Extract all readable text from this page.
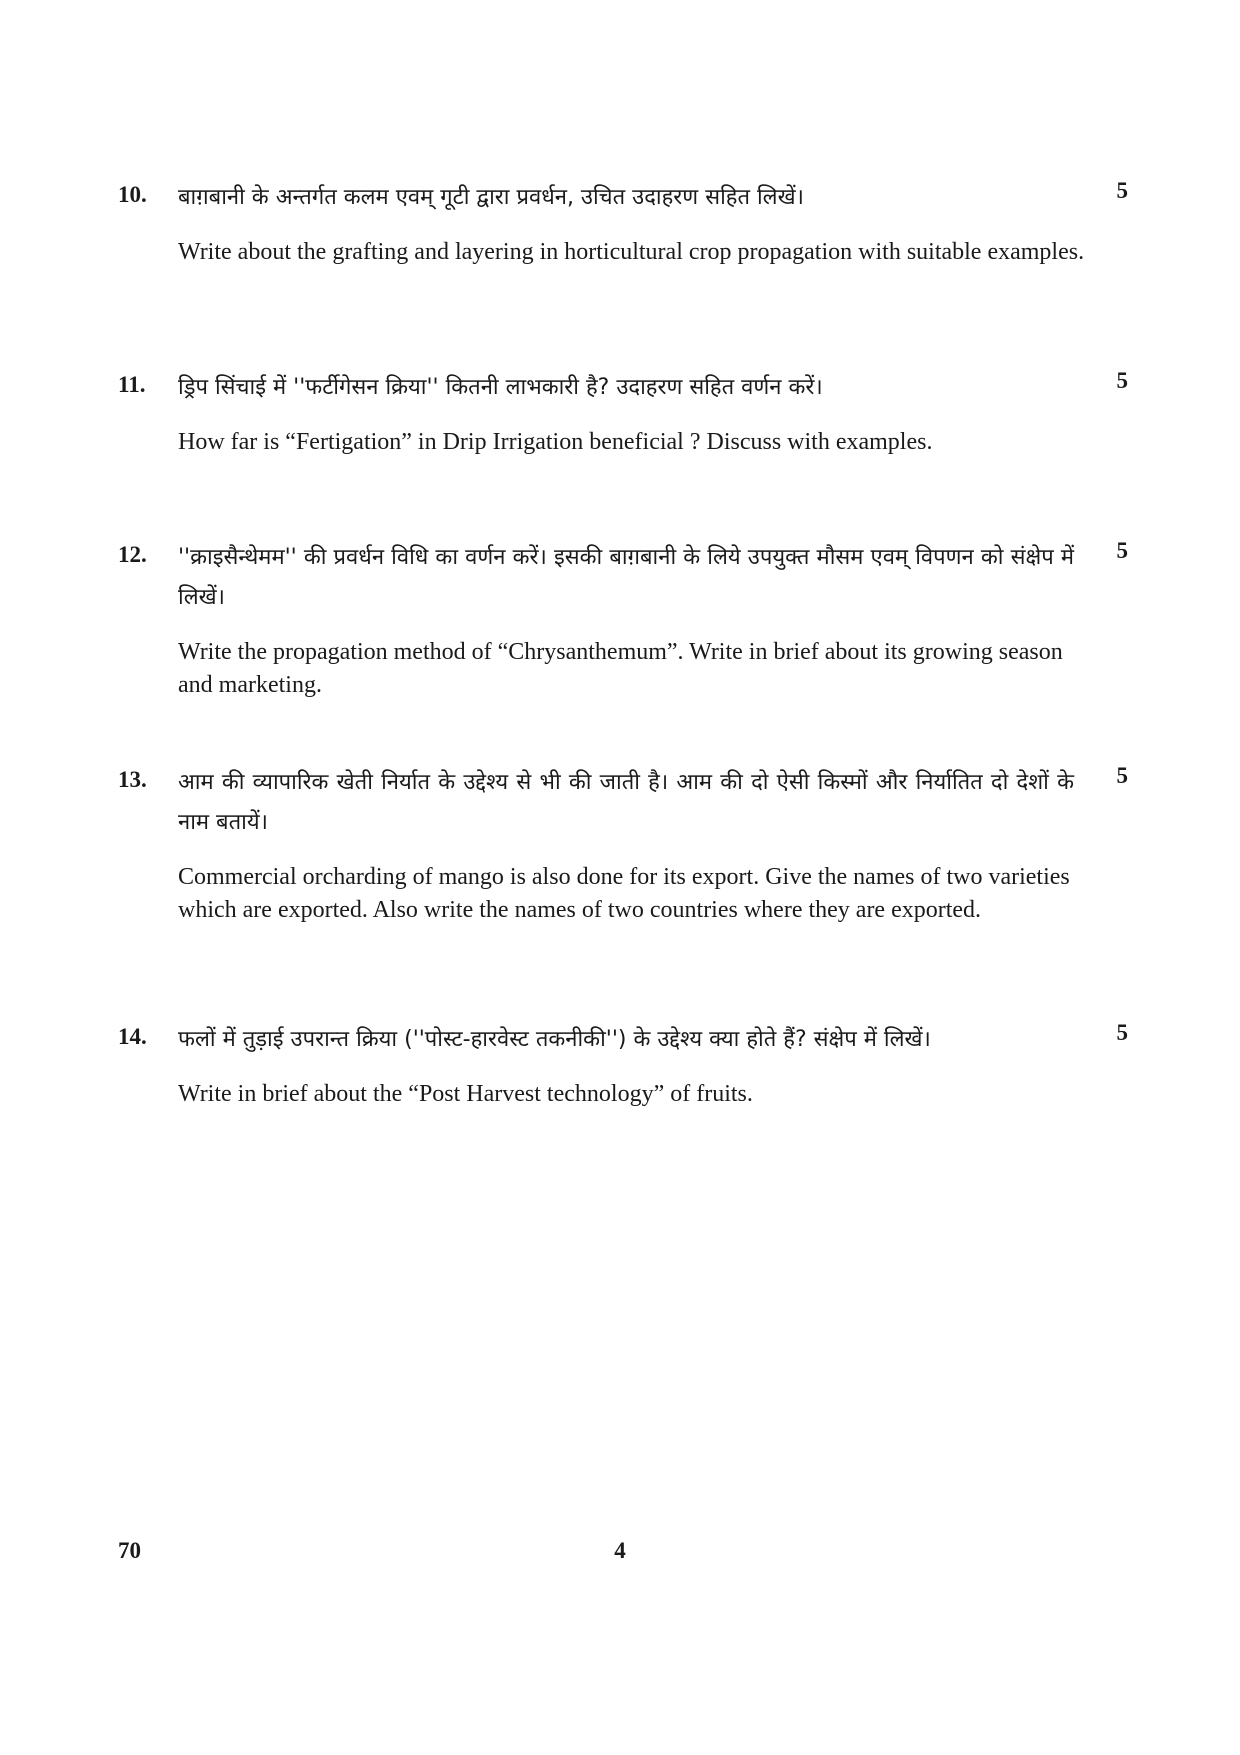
10.	5
बाग़बानी के अन्तर्गत कलम एवम् गूटी द्वारा प्रवर्धन, उचित उदाहरण सहित लिखें।
Write about the grafting and layering in horticultural crop propagation with suitable examples.
11.	5
ड्रिप सिंचाई में ''फर्टीगेसन क्रिया'' कितनी लाभकारी है? उदाहरण सहित वर्णन करें।
How far is “Fertigation” in Drip Irrigation beneficial ? Discuss with examples.
12.	5
''क्राइसैन्थेमम'' की प्रवर्धन विधि का वर्णन करें। इसकी बाग़बानी के लिये उपयुक्त मौसम एवम् विपणन को संक्षेप में लिखें।
Write the propagation method of “Chrysanthemum”. Write in brief about its growing season and marketing.
13.	5
आम की व्यापारिक खेती निर्यात के उद्देश्य से भी की जाती है। आम की दो ऐसी किस्मों और निर्यातित दो देशों के नाम बतायें।
Commercial orcharding of mango is also done for its export. Give the names of two varieties which are exported. Also write the names of two countries where they are exported.
14.	5
फलों में तुड़ाई उपरान्त क्रिया (''पोस्ट-हारवेस्ट तकनीकी'') के उद्देश्य क्या होते हैं? संक्षेप में लिखें।
Write in brief about the “Post Harvest technology” of fruits.
70	4
